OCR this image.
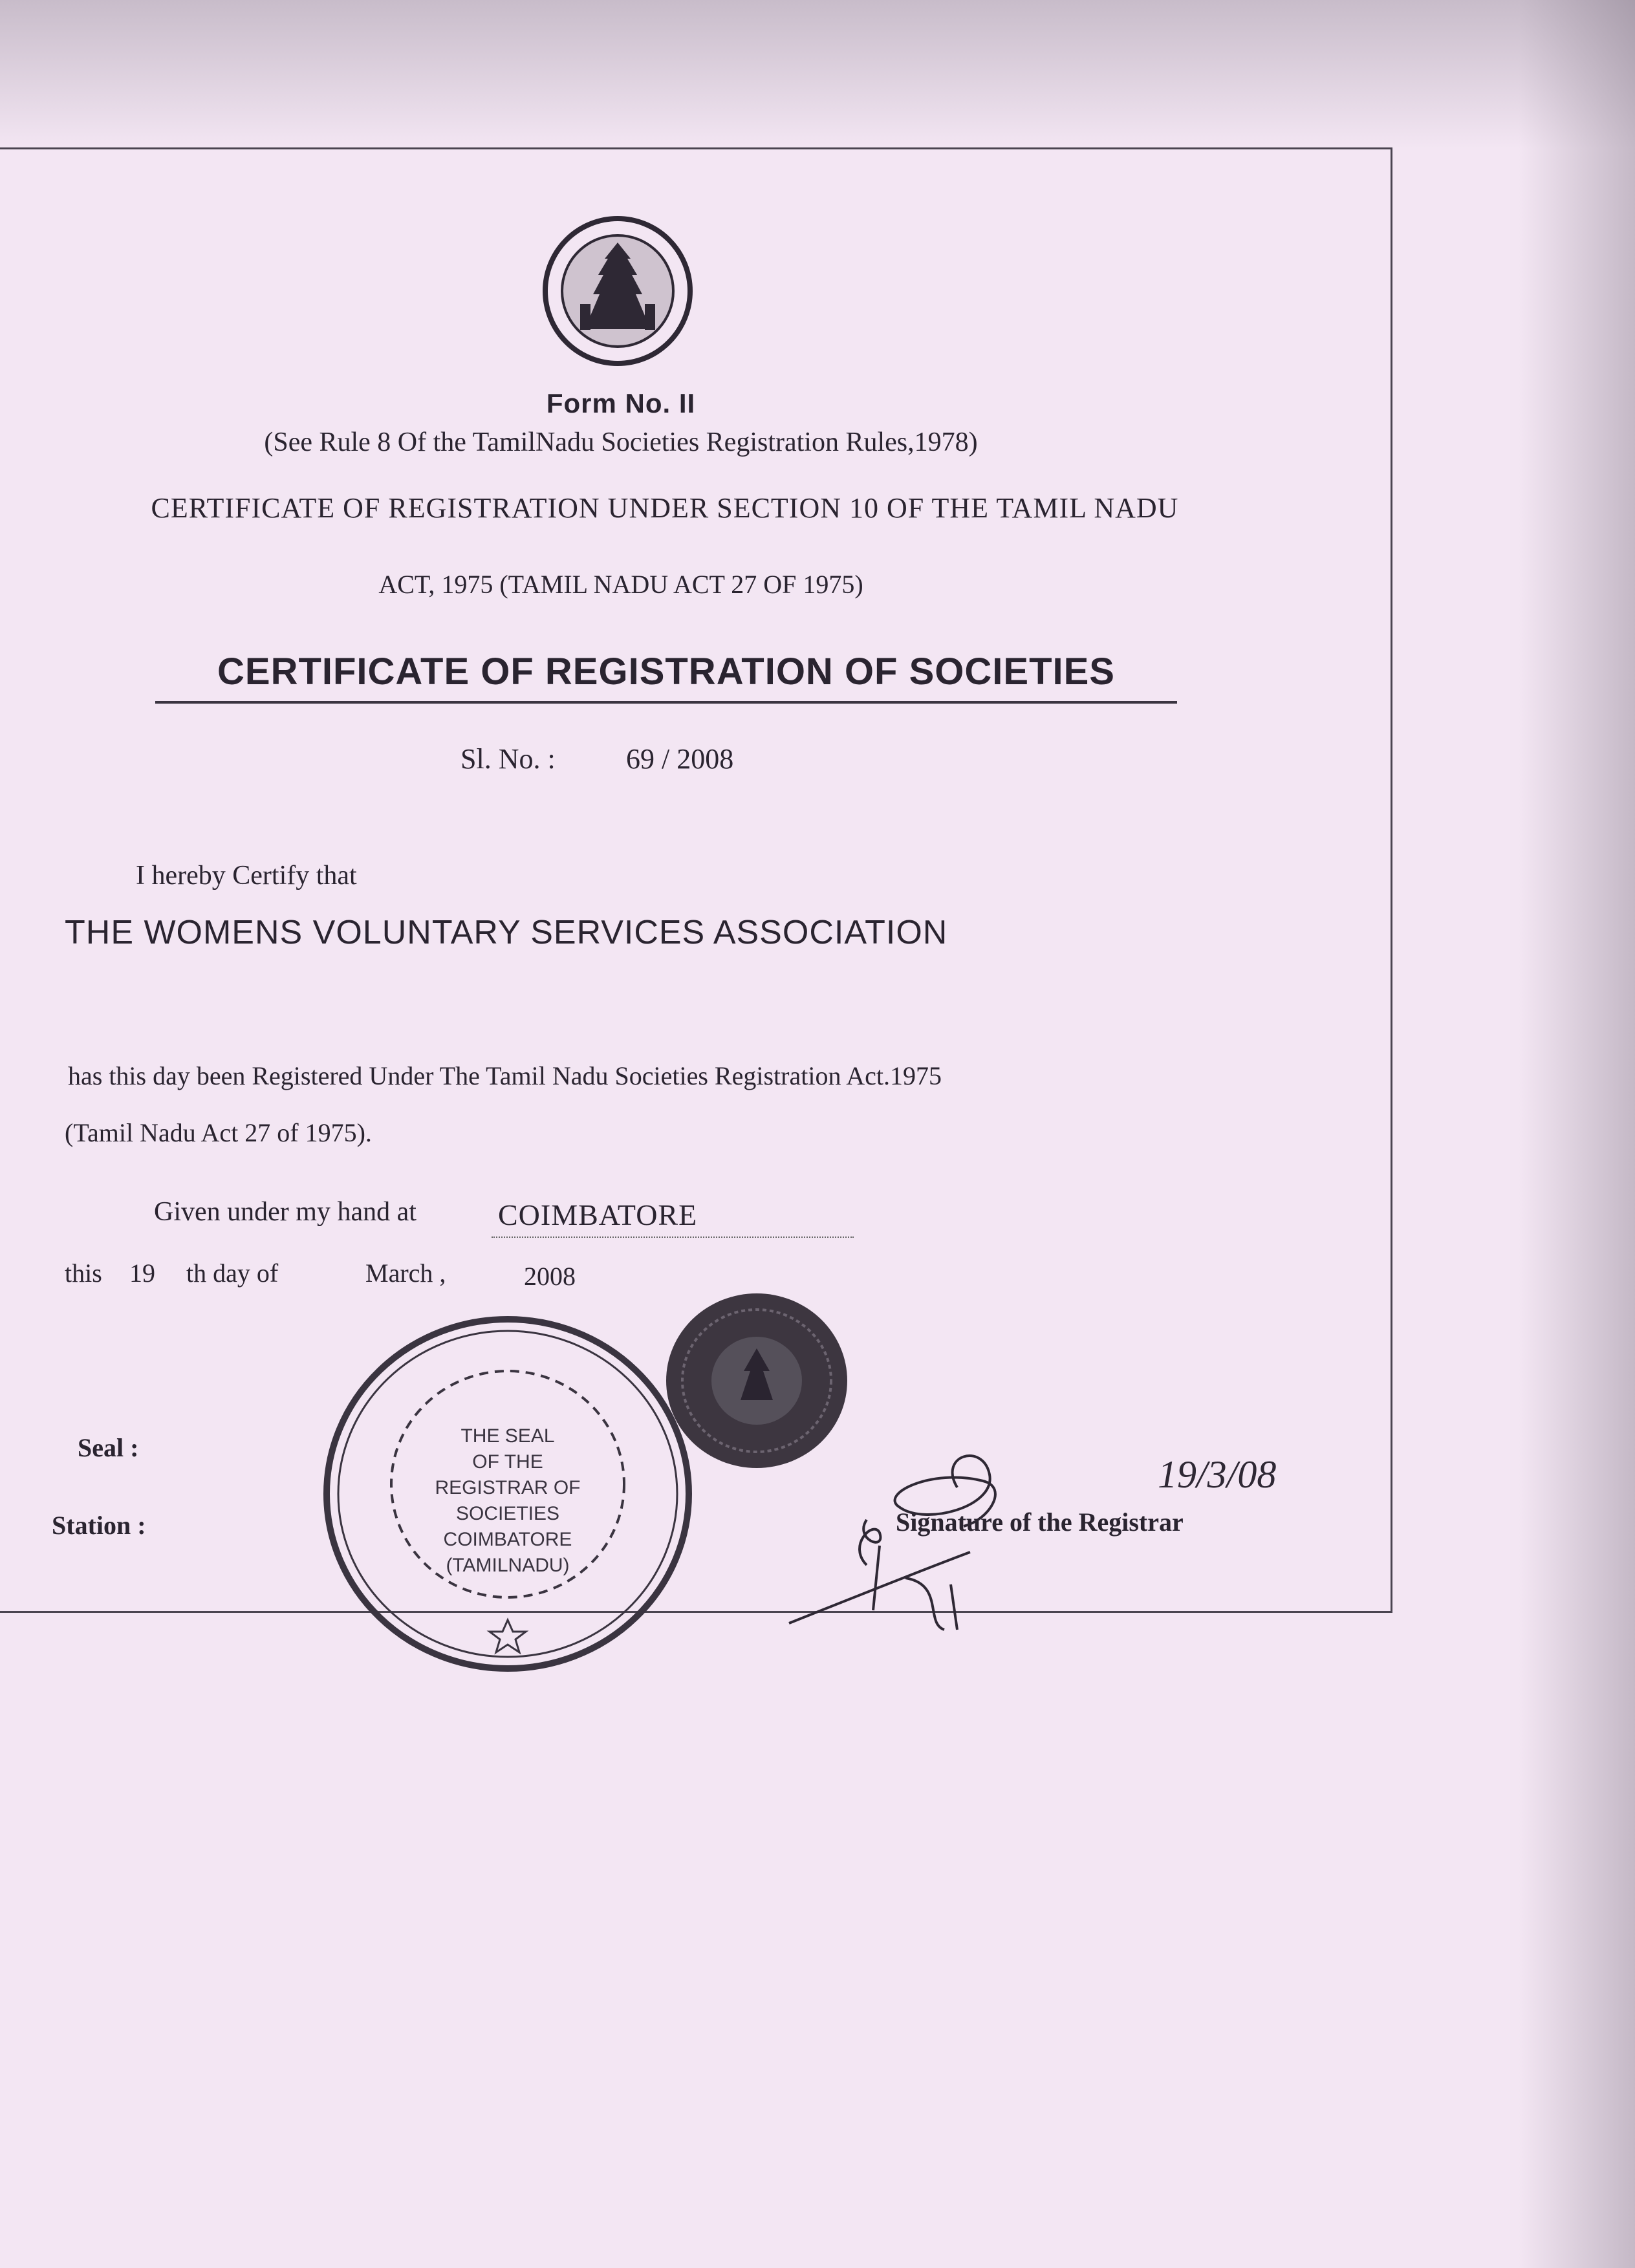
Form No. II
(See Rule 8 Of the TamilNadu Societies Registration Rules,1978)
CERTIFICATE OF REGISTRATION UNDER SECTION 10 OF THE TAMIL NADU
ACT, 1975 (TAMIL NADU ACT 27 OF 1975)
CERTIFICATE OF REGISTRATION OF SOCIETIES
Sl. No. : 69 / 2008
I hereby Certify that
THE WOMENS VOLUNTARY SERVICES ASSOCIATION
has this day been Registered Under The Tamil Nadu Societies Registration Act.1975
(Tamil Nadu Act 27 of 1975).
Given under my hand at	COIMBATORE
this 19 th day of	March ,	2008
Seal :
Station :	Signature of the Registrar
THE SEAL
OF THE
REGISTRAR OF
SOCIETIES
COIMBATORE
(TAMILNADU)
19/3/08
